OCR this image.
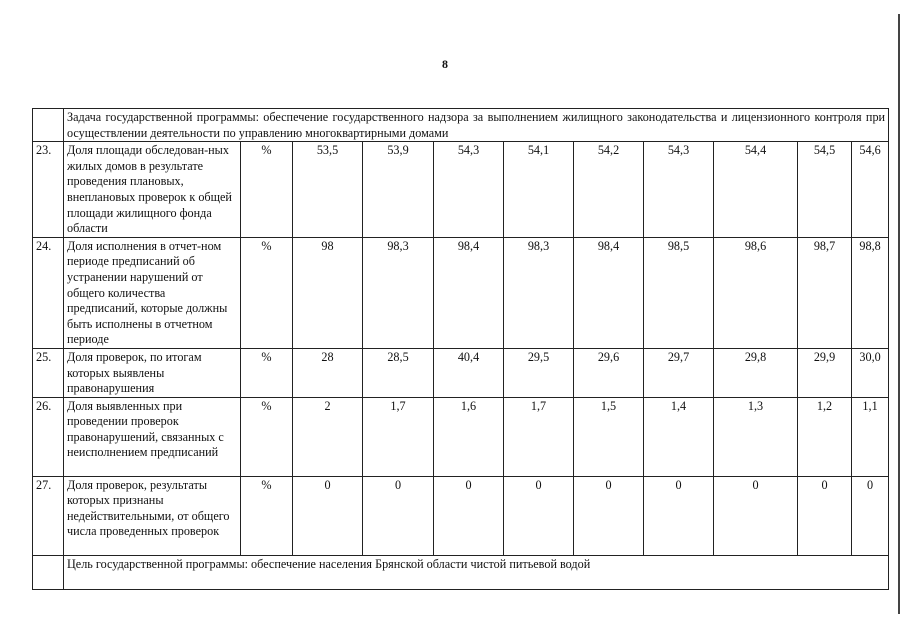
8
	Задача государственной программы: обеспечение государственного надзора за выполнением жилищного законодательства и лицензионного контроля при осуществлении деятельности по управлению многоквартирными домами										
23.	Доля площади обследован-ных жилых домов в результате проведения плановых, внеплановых проверок к общей площади жилищного фонда области	%	53,5	53,9	54,3	54,1	54,2	54,3	54,4	54,5	54,6
24.	Доля исполнения в отчет-ном периоде предписаний об устранении нарушений от общего количества предписаний, которые должны быть исполнены в отчетном периоде	%	98	98,3	98,4	98,3	98,4	98,5	98,6	98,7	98,8
25.	Доля проверок, по итогам которых выявлены правонарушения	%	28	28,5	40,4	29,5	29,6	29,7	29,8	29,9	30,0
26.	Доля выявленных при проведении проверок правонарушений, связанных с неисполнением предписаний	%	2	1,7	1,6	1,7	1,5	1,4	1,3	1,2	1,1
27.	Доля проверок, результаты которых признаны недействительными, от общего числа проведенных проверок	%	0	0	0	0	0	0	0	0	0
	Цель государственной программы: обеспечение населения Брянской области чистой питьевой водой										
